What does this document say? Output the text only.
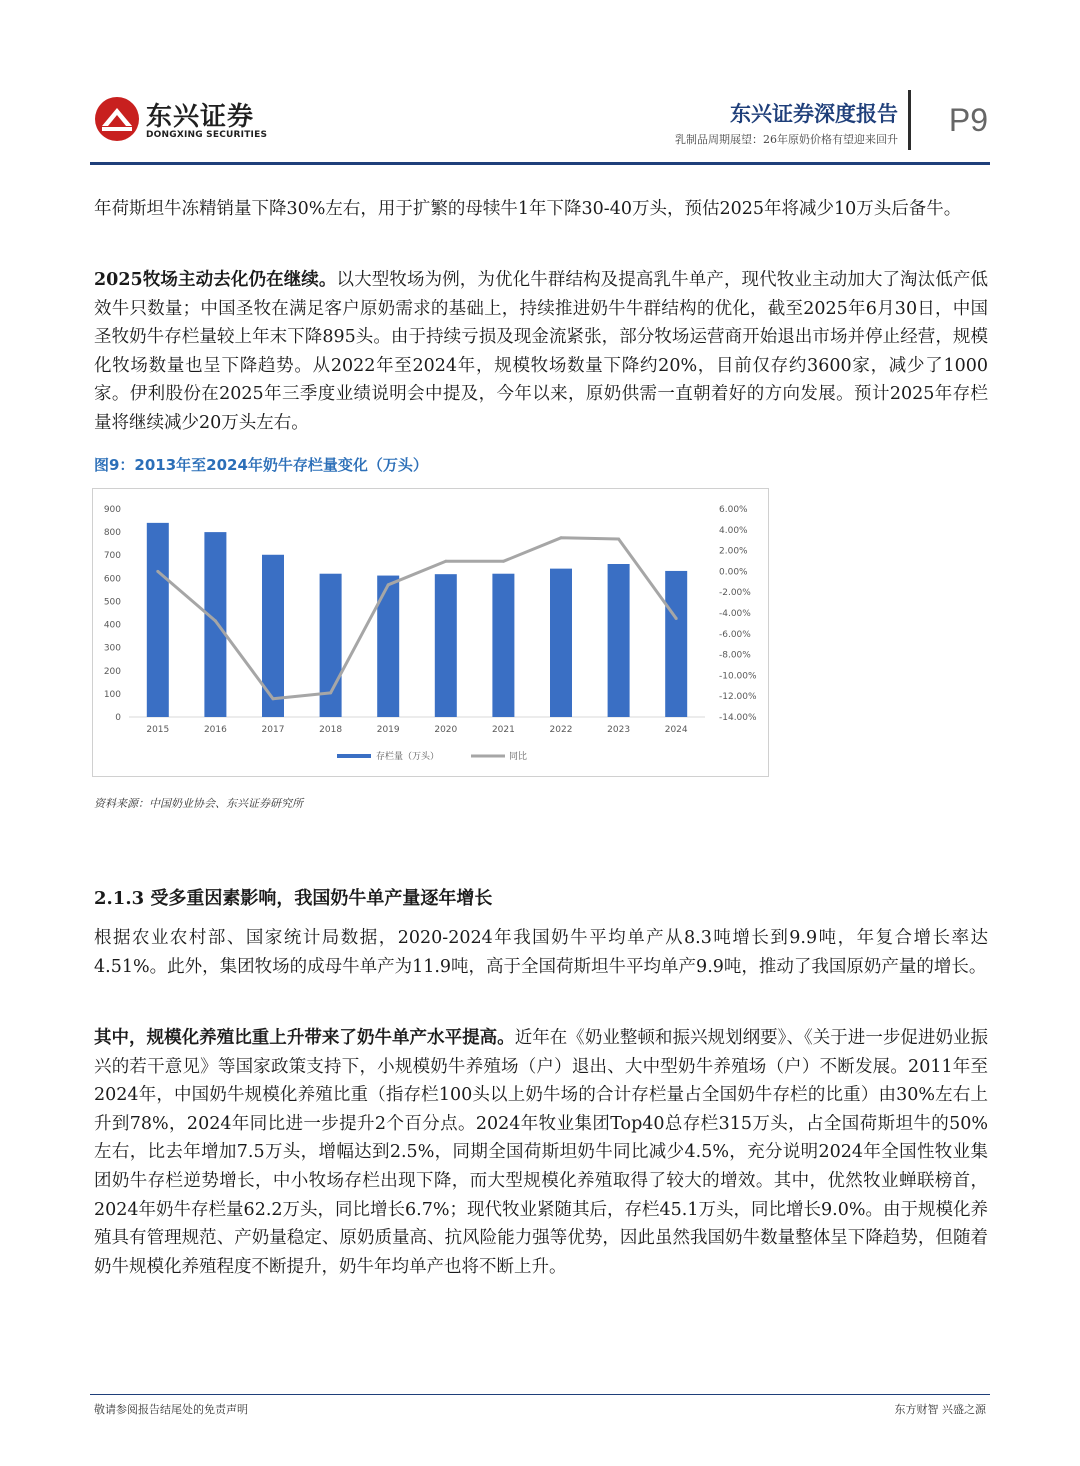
东兴证券
DONGXING SECURITIES
东兴证券深度报告
乳制品周期展望：26年原奶价格有望迎来回升
P9
年荷斯坦牛冻精销量下降30%左右，用于扩繁的母犊牛1年下降30-40万头，预估2025年将减少10万头后备牛。
2025牧场主动去化仍在继续。以大型牧场为例，为优化牛群结构及提高乳牛单产，现代牧业主动加大了淘汰低产低效牛只数量；中国圣牧在满足客户原奶需求的基础上，持续推进奶牛牛群结构的优化，截至2025年6月30日，中国圣牧奶牛存栏量较上年末下降895头。由于持续亏损及现金流紧张，部分牧场运营商开始退出市场并停止经营，规模化牧场数量也呈下降趋势。从2022年至2024年，规模牧场数量下降约20%，目前仅存约3600家，减少了1000家。伊利股份在2025年三季度业绩说明会中提及，今年以来，原奶供需一直朝着好的方向发展。预计2025年存栏量将继续减少20万头左右。
图9：2013年至2024年奶牛存栏量变化（万头）
0
100
200
300
400
500
600
700
800
900
-14.00%
-12.00%
-10.00%
-8.00%
-6.00%
-4.00%
-2.00%
0.00%
2.00%
4.00%
6.00%
2015	2016	2017	2018	2019	2020	2021	2022	2023	2024
存栏量（万头）	同比
资料来源：中国奶业协会、东兴证券研究所
2.1.3 受多重因素影响，我国奶牛单产量逐年增长
根据农业农村部、国家统计局数据，2020-2024年我国奶牛平均单产从8.3吨增长到9.9吨，年复合增长率达4.51%。此外，集团牧场的成母牛单产为11.9吨，高于全国荷斯坦牛平均单产9.9吨，推动了我国原奶产量的增长。
其中，规模化养殖比重上升带来了奶牛单产水平提高。近年在《奶业整顿和振兴规划纲要》、《关于进一步促进奶业振兴的若干意见》等国家政策支持下，小规模奶牛养殖场（户）退出、大中型奶牛养殖场（户）不断发展。2011年至2024年，中国奶牛规模化养殖比重（指存栏100头以上奶牛场的合计存栏量占全国奶牛存栏的比重）由30%左右上升到78%，2024年同比进一步提升2个百分点。2024年牧业集团Top40总存栏315万头，占全国荷斯坦牛的50%左右，比去年增加7.5万头，增幅达到2.5%，同期全国荷斯坦奶牛同比减少4.5%，充分说明2024年全国性牧业集团奶牛存栏逆势增长，中小牧场存栏出现下降，而大型规模化养殖取得了较大的增效。其中，优然牧业蝉联榜首，2024年奶牛存栏量62.2万头，同比增长6.7%；现代牧业紧随其后，存栏45.1万头，同比增长9.0%。由于规模化养殖具有管理规范、产奶量稳定、原奶质量高、抗风险能力强等优势，因此虽然我国奶牛数量整体呈下降趋势，但随着奶牛规模化养殖程度不断提升，奶牛年均单产也将不断上升。
敬请参阅报告结尾处的免责声明	东方财智 兴盛之源
